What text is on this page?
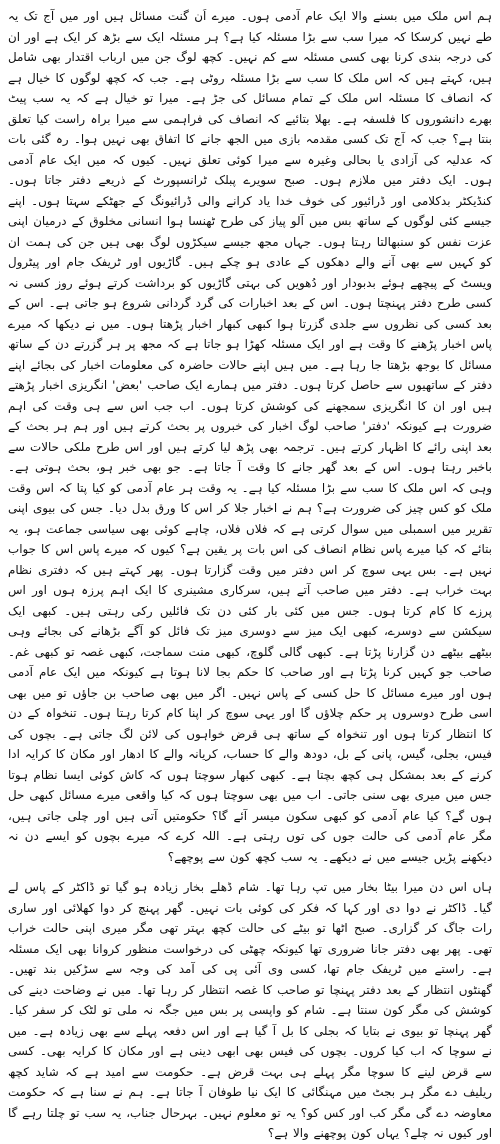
ہم اس ملک میں بسنے والا ایک عام آدمی ہوں۔ میرے اَن گنت مسائل ہیں اور میں آج تک یہ طے نہیں کرسکا کہ میرا سب سے بڑا مسئلہ کیا ہے؟ ہر مسئلہ ایک سے بڑھ کر ایک ہے اور ان کی درجہ بندی کرنا بھی کسی مسئلہ سے کم نہیں۔ کچھ لوگ جن میں ارباب اقتدار بھی شامل ہیں، کہتے ہیں کہ اس ملک کا سب سے بڑا مسئلہ روٹی ہے۔ جب کہ کچھ لوگوں کا خیال ہے کہ انصاف کا مسئلہ اس ملک کے تمام مسائل کی جڑ ہے۔ میرا تو خیال ہے کہ یہ سب پیٹ بھرے دانشوروں کا فلسفہ ہے۔ بھلا بتائیے کہ انصاف کی فراہمی سے میرا براہ راست کیا تعلق بنتا ہے؟ جب کہ آج تک کسی مقدمہ بازی میں الجھ جانے کا اتفاق بھی نہیں ہوا۔ رہ گئی بات کہ عدلیہ کی آزادی یا بحالی وغیرہ سے میرا کوئی تعلق نہیں۔ کیوں کہ میں ایک عام آدمی ہوں۔ ایک دفتر میں ملازم ہوں۔ صبح سویرے پبلک ٹرانسپورٹ کے ذریعے دفتر جاتا ہوں۔ کنڈیکٹر بدکلامی اور ڈرائیور کی خوف خدا یاد کرانے والی ڈرائیونگ کے جھٹکے سہتا ہوں۔ اپنے جیسے کئی لوگوں کے ساتھ بس میں آلو پیاز کی طرح ٹھنسا ہوا انسانی مخلوق کے درمیان اپنی عزت نفس کو سنبھالتا رہتا ہوں۔ جہاں مجھ جیسے سیکڑوں لوگ بھی ہیں جن کی ہمت ان کو کہیں سے بھی آنے والے دھکوں کے عادی ہو چکے ہیں۔ گاڑیوں اور ٹریفک جام اور پیٹرول ویسٹ کے پیچھے ہوئے بدبودار اور دُھویں کی بہتی گاڑیوں کو برداشت کرتے ہوئے روز کسی نہ کسی طرح دفتر پہنچتا ہوں۔ اس کے بعد اخبارات کی گرد گردانی شروع ہو جاتی ہے۔ اس کے بعد کسی کی نظروں سے جلدی گزرتا ہوا کبھی کبھار اخبار پڑھتا ہوں۔ میں نے دیکھا کہ میرے پاس اخبار پڑھنے کا وقت ہے اور ایک مسئلہ کھڑا ہو جاتا ہے کہ مجھ پر ہر گزرتے دن کے ساتھ مسائل کا بوجھ بڑھتا جا رہا ہے۔ میں ہیں اپنے حالات حاضرہ کی معلومات اخبار کی بجائے اپنے دفتر کے ساتھیوں سے حاصل کرتا ہوں۔ دفتر میں ہمارے ایک صاحب 'بعض' انگریزی اخبار پڑھتے ہیں اور ان کا انگریزی سمجھنے کی کوشش کرتا ہوں۔ اب جب اس سے ہی وقت کی اہم ضرورت ہے کیونکہ 'دفتر' صاحب لوگ اخبار کی خبروں پر بحث کرتے ہیں اور ہم ہر بحث کے بعد اپنی رائے کا اظہار کرتے ہیں۔ ترجمہ بھی پڑھ لیا کرتے ہیں اور اس طرح ملکی حالات سے باخبر رہتا ہوں۔ اس کے بعد گھر جانے کا وقت آ جاتا ہے۔ جو بھی خبر ہو، بحث ہوتی ہے۔ وہی کہ اس ملک کا سب سے بڑا مسئلہ کیا ہے۔ یہ وقت ہر عام آدمی کو کیا پتا کہ اس وقت ملک کو کس چیز کی ضرورت ہے؟ ہم نے اخبار جلا کر اس کا ورق بدل دیا۔ جس کی بیوی اپنی تقریر میں اسمبلی میں سوال کرتی ہے کہ فلاں فلاں، چاہے کوئی بھی سیاسی جماعت ہو، یہ بتائے کہ کیا میرے پاس نظام انصاف کی اس بات پر یقین ہے؟ کیوں کہ میرے پاس اس کا جواب نہیں ہے۔ بس یہی سوچ کر اس دفتر میں وقت گزارتا ہوں۔ پھر کہتے ہیں کہ دفتری نظام بہت خراب ہے۔ دفتر میں صاحب آتے ہیں، سرکاری مشینری کا ایک اہم پرزہ ہوں اور اس پرزے کا کام کرتا ہوں۔ جس میں کئی بار کئی دن تک فائلیں رکی رہتی ہیں۔ کبھی ایک سیکشن سے دوسرے، کبھی ایک میز سے دوسری میز تک فائل کو آگے بڑھانے کی بجائے وہی بیٹھے بیٹھے دن گزارنا پڑتا ہے۔ کبھی گالی گلوچ، کبھی منت سماجت، کبھی غصہ تو کبھی غم۔ صاحب جو کہیں کرنا پڑتا ہے اور صاحب کا حکم بجا لانا ہوتا ہے کیونکہ میں ایک عام آدمی ہوں اور میرے مسائل کا حل کسی کے پاس نہیں۔ اگر میں بھی صاحب بن جاؤں تو میں بھی اسی طرح دوسروں پر حکم چلاؤں گا اور یہی سوچ کر اپنا کام کرتا رہتا ہوں۔ تنخواہ کے دن کا انتظار کرتا ہوں اور تنخواہ کے ساتھ ہی قرض خواہوں کی لائن لگ جاتی ہے۔ بچوں کی فیس، بجلی، گیس، پانی کے بل، دودھ والے کا حساب، کریانہ والے کا ادھار اور مکان کا کرایہ ادا کرنے کے بعد بمشکل ہی کچھ بچتا ہے۔ کبھی کبھار سوچتا ہوں کہ کاش کوئی ایسا نظام ہوتا جس میں میری بھی سنی جاتی۔ اب میں بھی سوچتا ہوں کہ کیا واقعی میرے مسائل کبھی حل ہوں گے؟ کیا عام آدمی کو کبھی سکون میسر آئے گا؟ حکومتیں آتی ہیں اور چلی جاتی ہیں، مگر عام آدمی کی حالت جوں کی توں رہتی ہے۔ اللہ کرے کہ میرے بچوں کو ایسے دن نہ دیکھنے پڑیں جیسے میں نے دیکھے۔ یہ سب کچھ کون سے پوچھے؟

ہاں اس دن میرا بیٹا بخار میں تپ رہا تھا۔ شام ڈھلے بخار زیادہ ہو گیا تو ڈاکٹر کے پاس لے گیا۔ ڈاکٹر نے دوا دی اور کہا کہ فکر کی کوئی بات نہیں۔ گھر پہنچ کر دوا کھلائی اور ساری رات جاگ کر گزاری۔ صبح اٹھا تو بیٹے کی حالت کچھ بہتر تھی مگر میری اپنی حالت خراب تھی۔ پھر بھی دفتر جانا ضروری تھا کیونکہ چھٹی کی درخواست منظور کروانا بھی ایک مسئلہ ہے۔ راستے میں ٹریفک جام تھا، کسی وی آئی پی کی آمد کی وجہ سے سڑکیں بند تھیں۔ گھنٹوں انتظار کے بعد دفتر پہنچا تو صاحب کا غصہ انتظار کر رہا تھا۔ میں نے وضاحت دینے کی کوشش کی مگر کون سنتا ہے۔ شام کو واپسی پر بس میں جگہ نہ ملی تو لٹک کر سفر کیا۔ گھر پہنچا تو بیوی نے بتایا کہ بجلی کا بل آ گیا ہے اور اس دفعہ پہلے سے بھی زیادہ ہے۔ میں نے سوچا کہ اب کیا کروں۔ بچوں کی فیس بھی ابھی دینی ہے اور مکان کا کرایہ بھی۔ کسی سے قرض لینے کا سوچا مگر پہلے ہی بہت قرض ہے۔ حکومت سے امید ہے کہ شاید کچھ ریلیف دے مگر ہر بجٹ میں مہنگائی کا ایک نیا طوفان آ جاتا ہے۔ ہم نے سنا ہے کہ حکومت معاوضہ دے گی مگر کب اور کس کو؟ یہ تو معلوم نہیں۔ بہرحال جناب، یہ سب تو چلتا رہے گا اور کیوں نہ چلے؟ یہاں کون پوچھنے والا ہے؟
